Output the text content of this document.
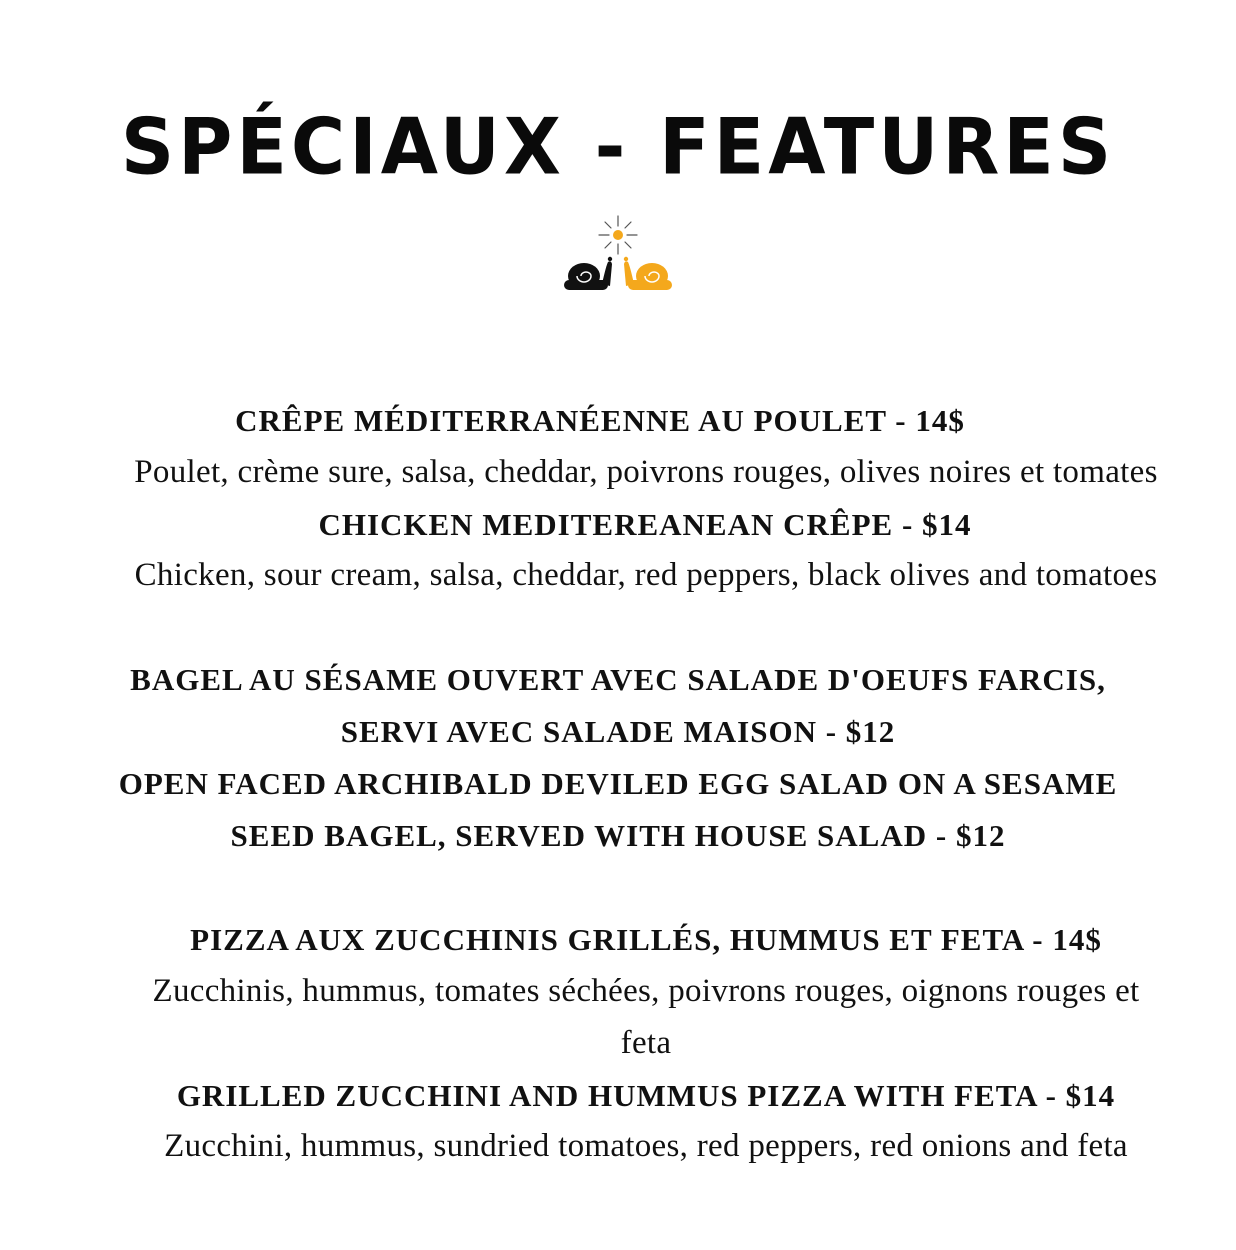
SPÉCIAUX - FEATURES
CRÊPE MÉDITERRANÉENNE AU POULET - 14$
Poulet, crème sure, salsa, cheddar, poivrons rouges, olives noires et tomates
CHICKEN MEDITEREANEAN CRÊPE - $14
Chicken, sour cream, salsa, cheddar, red peppers, black olives and tomatoes
BAGEL AU SÉSAME OUVERT AVEC SALADE D'OEUFS FARCIS,
SERVI AVEC SALADE MAISON - $12
OPEN FACED ARCHIBALD DEVILED EGG SALAD ON A SESAME
SEED BAGEL, SERVED WITH HOUSE SALAD - $12
PIZZA AUX ZUCCHINIS GRILLÉS, HUMMUS ET FETA - 14$
Zucchinis, hummus, tomates séchées, poivrons rouges, oignons rouges et
feta
GRILLED ZUCCHINI AND HUMMUS PIZZA WITH FETA - $14
Zucchini, hummus, sundried tomatoes, red peppers, red onions and feta
